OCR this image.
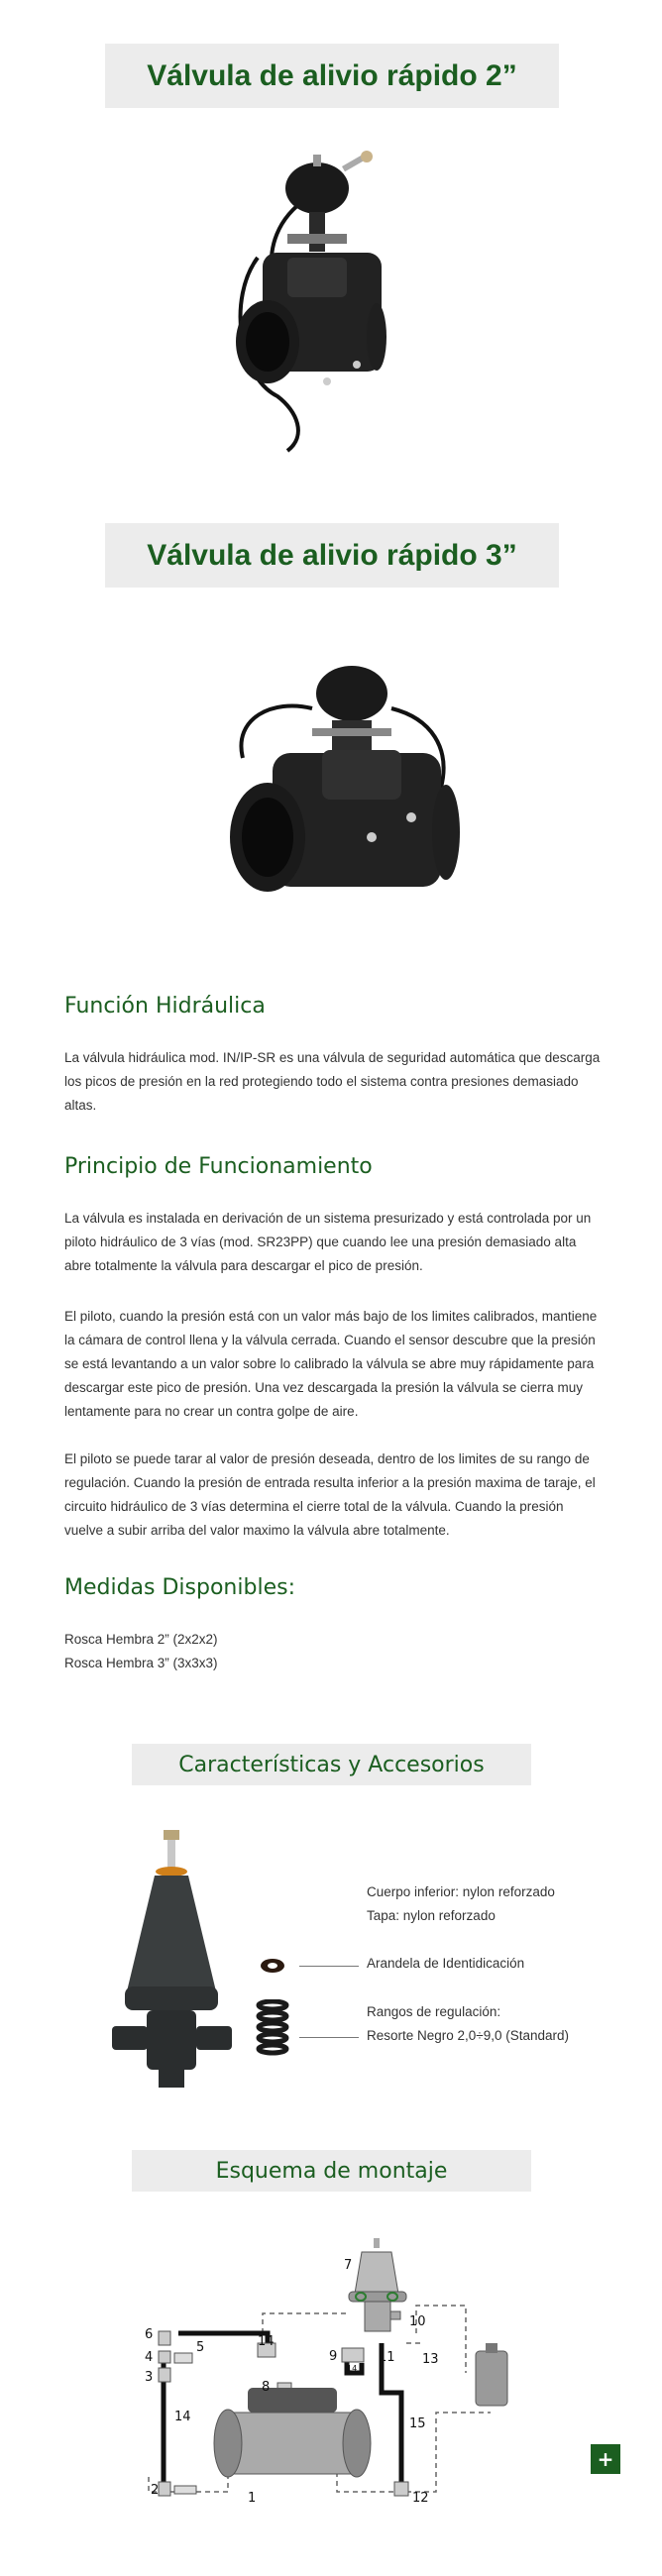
Válvula de alivio rápido 2”
Válvula de alivio rápido 3”
Función Hidráulica

La válvula hidráulica mod. IN/IP-SR es una válvula de seguridad automática que descarga los picos de presión en la red protegiendo todo el sistema contra presiones demasiado altas.

Principio de Funcionamiento

La válvula es instalada en derivación de un sistema presurizado y está controlada por un piloto hidráulico de 3 vías (mod. SR23PP) que cuando lee una presión demasiado alta abre totalmente la válvula para descargar el pico de presión.

El piloto, cuando la presión está con un valor más bajo de los limites calibrados, mantiene la cámara de control llena y la válvula cerrada. Cuando el sensor descubre que la presión se está levantando a un valor sobre lo calibrado la válvula se abre muy rápidamente para descargar este pico de presión. Una vez descargada la presión la válvula se cierra muy lentamente para no crear un contra golpe de aire.

El piloto se puede tarar al valor de presión deseada, dentro de los limites de su rango de regulación. Cuando la presión de entrada resulta inferior a la presión maxima de taraje, el circuito hidráulico de 3 vías determina el cierre total de la válvula. Cuando la presión vuelve a subir arriba del valor maximo la válvula abre totalmente.

Medidas Disponibles:
Rosca Hembra 2” (2x2x2)
Rosca Hembra 3” (3x3x3)
Características y Accesorios
Cuerpo inferior: nylon reforzado
Tapa: nylon reforzado
Arandela de Identidicación
Rangos de regulación:
Resorte Negro 2,0÷9,0 (Standard)
Esquema de montaje
1
2
3
4
5
6
7
8
9
10
11
12
13
14
14
14
15
+
